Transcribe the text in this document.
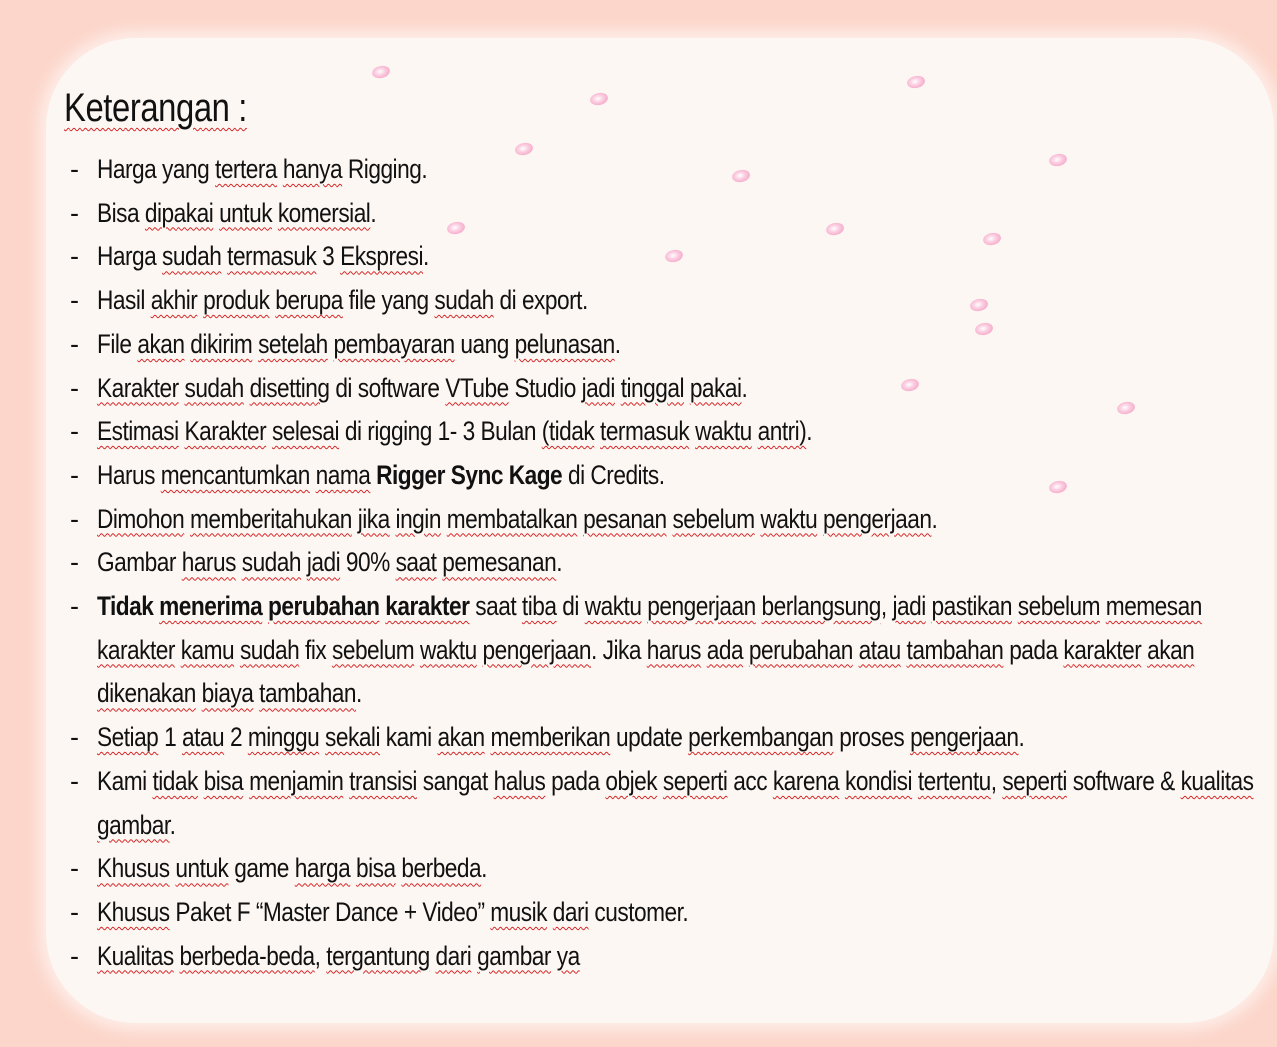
Keterangan :
- Harga yang tertera hanya Rigging.
- Bisa dipakai untuk komersial.
- Harga sudah termasuk 3 Ekspresi.
- Hasil akhir produk berupa file yang sudah di export.
- File akan dikirim setelah pembayaran uang pelunasan.
- Karakter sudah disetting di software VTube Studio jadi tinggal pakai.
- Estimasi Karakter selesai di rigging 1- 3 Bulan (tidak termasuk waktu antri).
- Harus mencantumkan nama Rigger Sync Kage di Credits.
- Dimohon memberitahukan jika ingin membatalkan pesanan sebelum waktu pengerjaan.
- Gambar harus sudah jadi 90% saat pemesanan.
- Tidak menerima perubahan karakter saat tiba di waktu pengerjaan berlangsung, jadi pastikan sebelum memesan karakter kamu sudah fix sebelum waktu pengerjaan. Jika harus ada perubahan atau tambahan pada karakter akan dikenakan biaya tambahan.
- Setiap 1 atau 2 minggu sekali kami akan memberikan update perkembangan proses pengerjaan.
- Kami tidak bisa menjamin transisi sangat halus pada objek seperti acc karena kondisi tertentu, seperti software & kualitas gambar.
- Khusus untuk game harga bisa berbeda.
- Khusus Paket F “Master Dance + Video” musik dari customer.
- Kualitas berbeda-beda, tergantung dari gambar ya
